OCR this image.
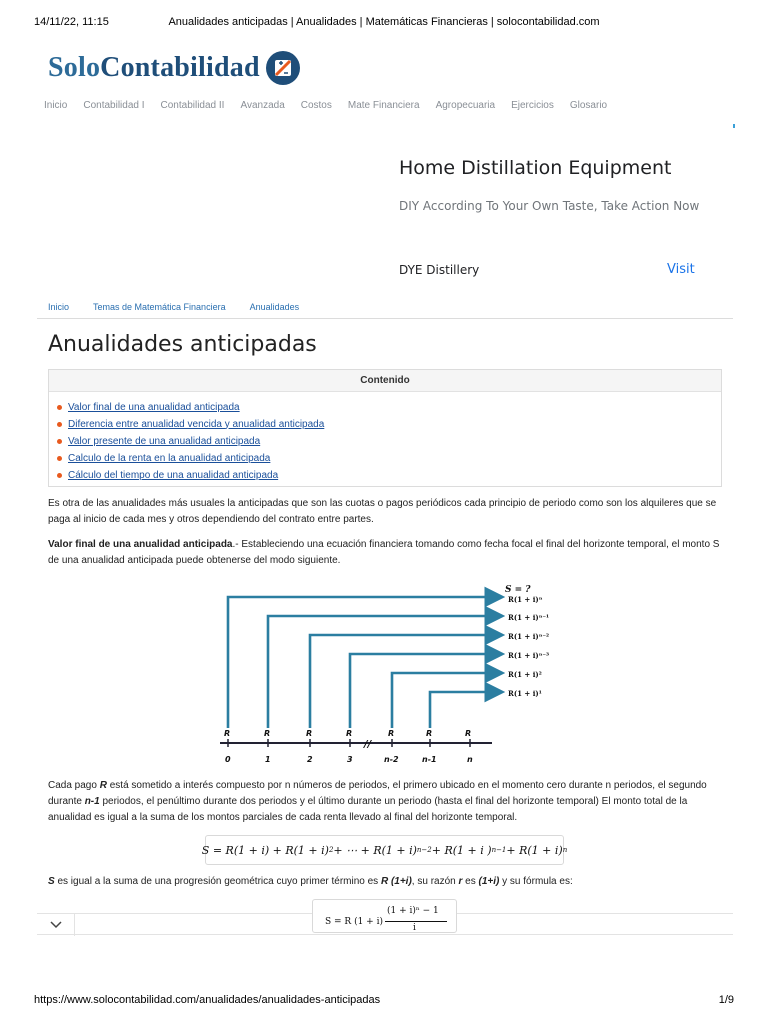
14/11/22, 11:15	Anualidades anticipadas | Anualidades | Matemáticas Financieras | solocontabilidad.com
SoloContabilidad
Inicio Contabilidad I Contabilidad II Avanzada Costos Mate Financiera Agropecuaria Ejercicios Glosario
Home Distillation Equipment
DIY According To Your Own Taste, Take Action Now
DYE Distillery	Visit
Inicio	Temas de Matemática Financiera	Anualidades
Anualidades anticipadas
Contenido
Valor final de una anualidad anticipada
Diferencia entre anualidad vencida y anualidad anticipada
Valor presente de una anualidad anticipada
Calculo de la renta en la anualidad anticipada
Cálculo del tiempo de una anualidad anticipada

Es otra de las anualidades más usuales la anticipadas que son las cuotas o pagos periódicos cada principio de periodo como son los alquileres que se paga al inicio de cada mes y otros dependiendo del contrato entre partes.

Valor final de una anualidad anticipada.- Estableciendo una ecuación financiera tomando como fecha focal el final del horizonte temporal, el monto S de una anualidad anticipada puede obtenerse del modo siguiente.

R	R	R	R	R	R	R
//
0	1	2	3	n-2	n-1	n
S = ?
R(1 + i)ⁿ
R(1 + i)ⁿ⁻¹
R(1 + i)ⁿ⁻²
R(1 + i)ⁿ⁻³
R(1 + i)²
R(1 + i)¹

Cada pago R está sometido a interés compuesto por n números de periodos, el primero ubicado en el momento cero durante n periodos, el segundo durante n-1 periodos, el penúltimo durante dos periodos y el último durante un periodo (hasta el final del horizonte temporal) El monto total de la anualidad es igual a la suma de los montos parciales de cada renta llevado al final del horizonte temporal.

S = R(1 + i) + R(1 + i) 2 + ⋯ + R(1 + i) n−2 + R(1 + i ) n−1 + R(1 + i) n

S es igual a la suma de una progresión geométrica cuyo primer término es R (1+i), su razón r es (1+i) y su fórmula es:

S = R (1 + i)
(1 + i)ⁿ − 1
i
https://www.solocontabilidad.com/anualidades/anualidades-anticipadas	1/9
